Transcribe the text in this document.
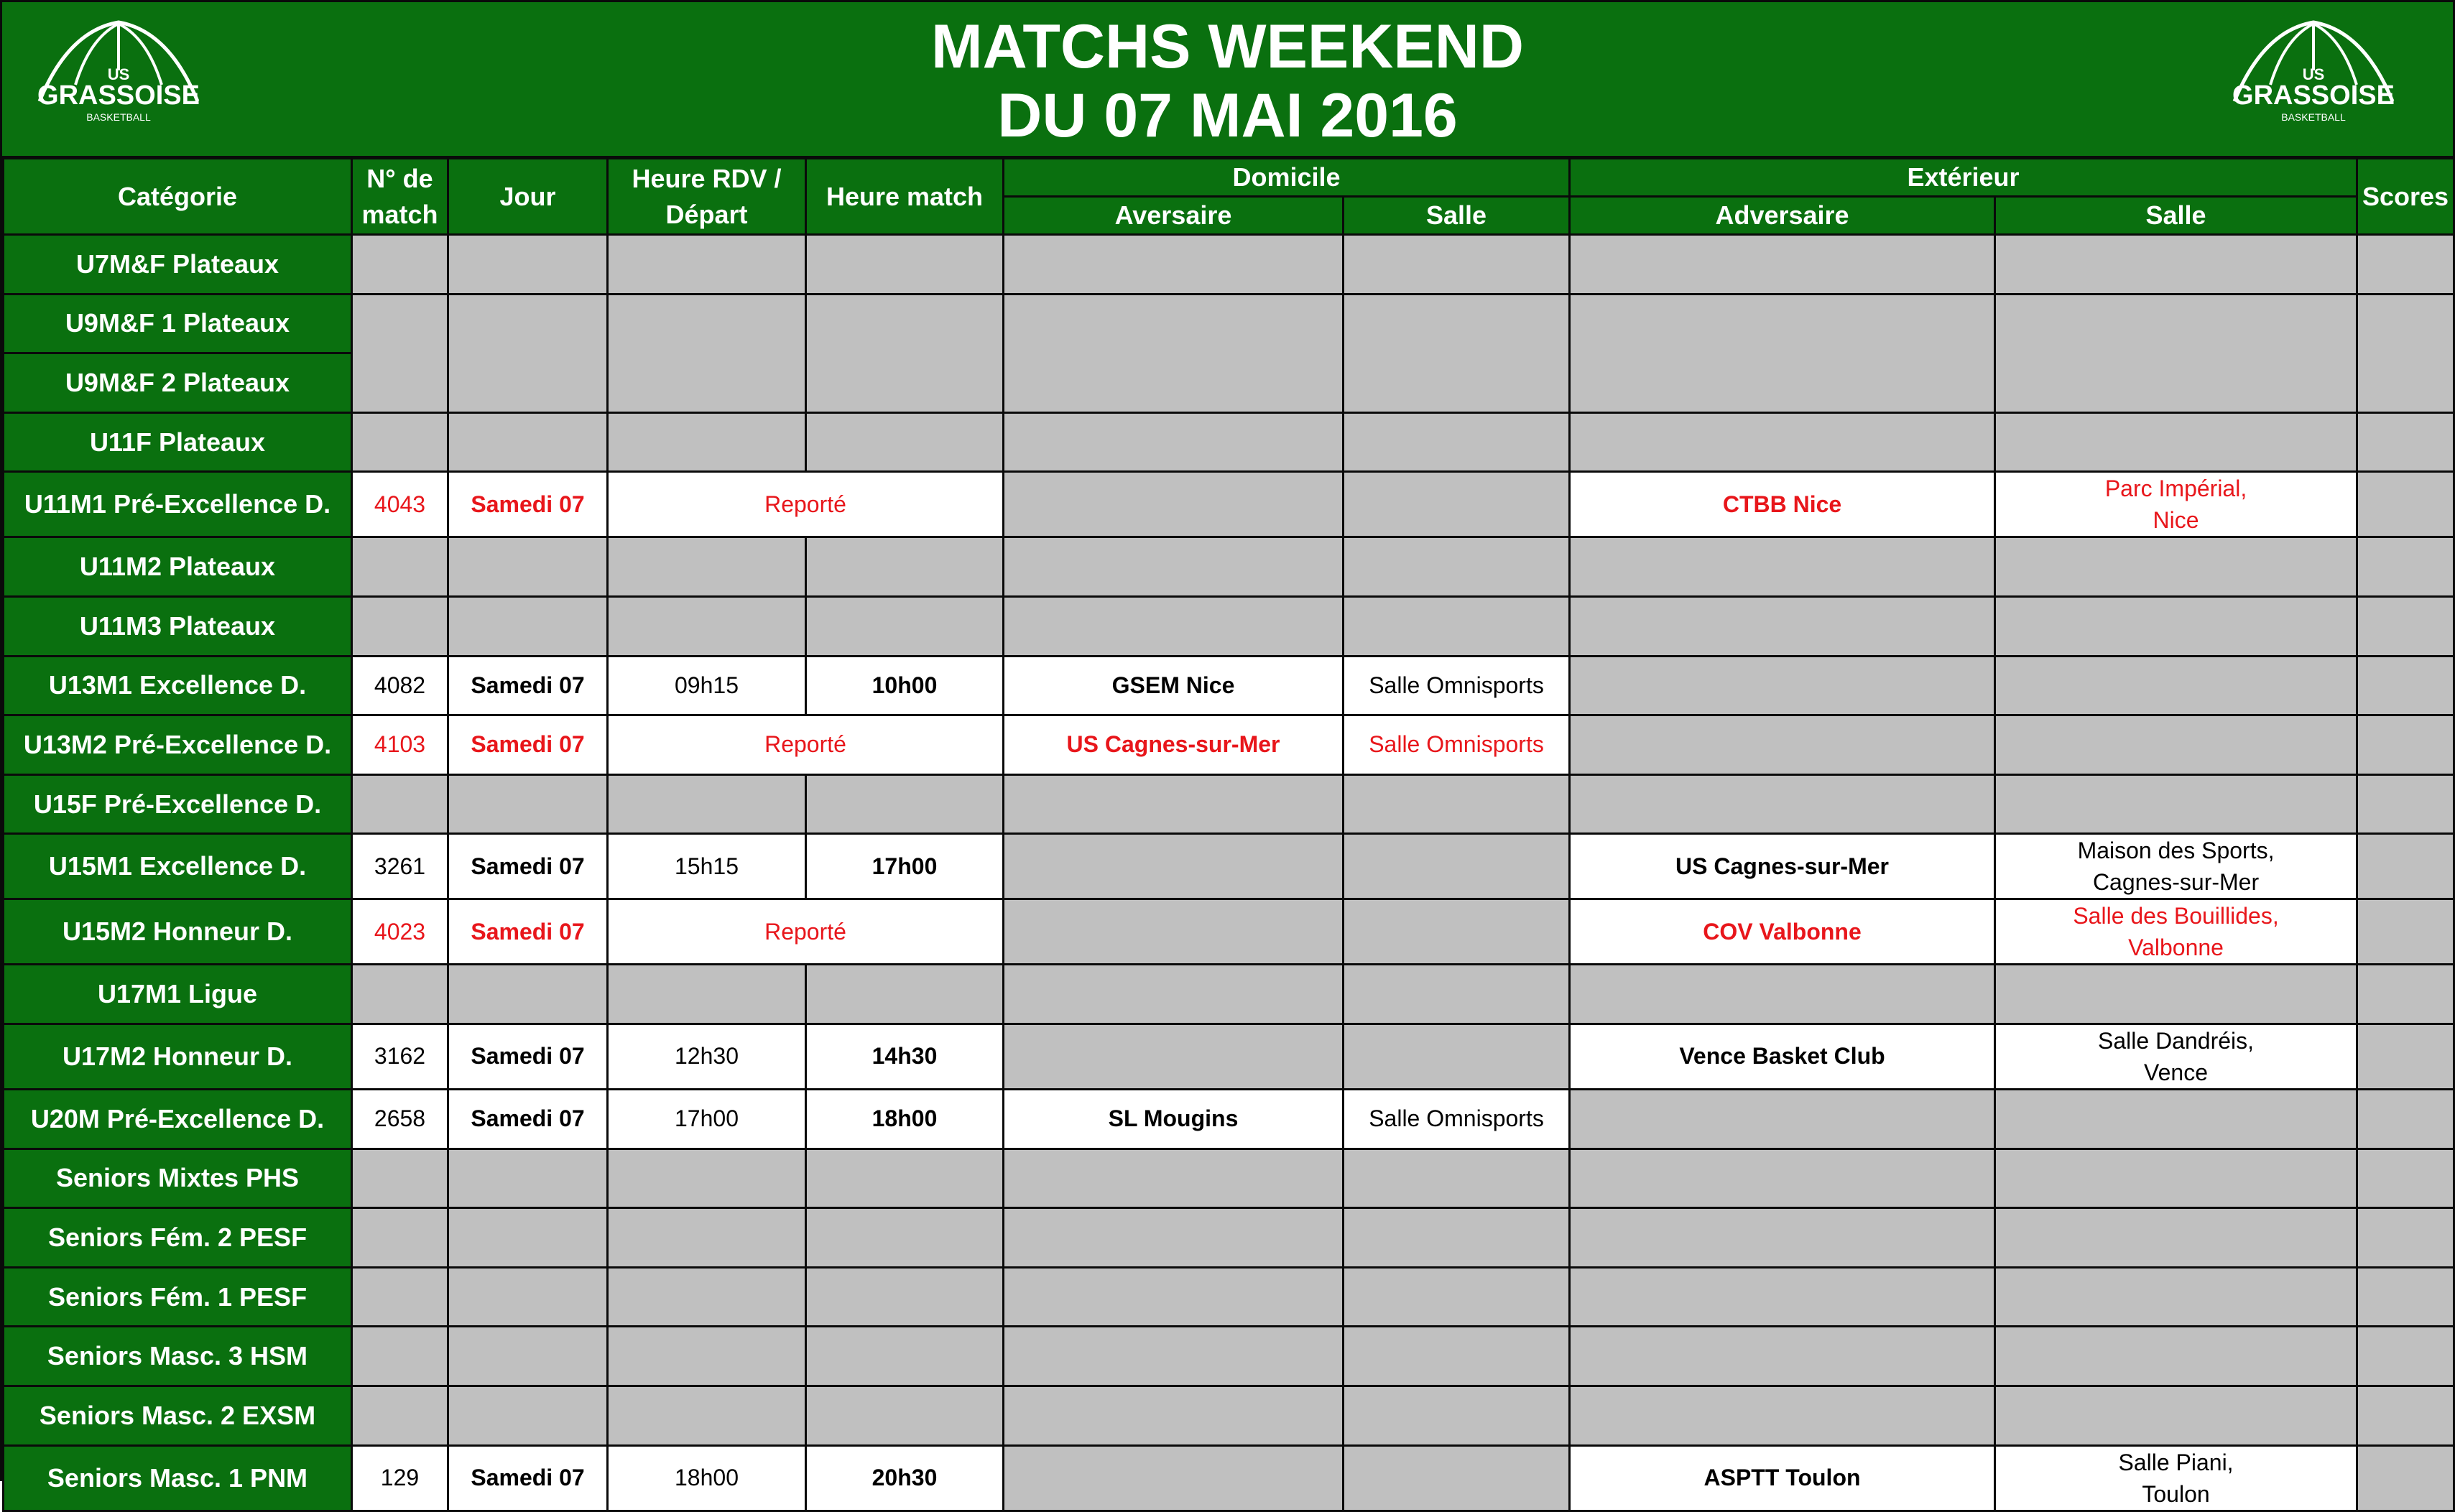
US
GRASSOISE
BASKETBALL
MATCHS WEEKEND
DU 07 MAI 2016
US
GRASSOISE
BASKETBALL
Catégorie	N° de match	Jour	Heure RDV / Départ	Heure match	Domicile		Extérieur		Scores
					Aversaire	Salle	Adversaire	Salle	
U7M&F Plateaux									
U9M&F 1 Plateaux									
U9M&F 2 Plateaux									
U11F Plateaux									
U11M1 Pré-Excellence D.	4043	Samedi 07	Reporté				CTBB Nice	Parc Impérial,
Nice	
U11M2 Plateaux									
U11M3 Plateaux									
U13M1 Excellence D.	4082	Samedi 07	09h15	10h00	GSEM Nice	Salle Omnisports			
U13M2 Pré-Excellence D.	4103	Samedi 07	Reporté		US Cagnes-sur-Mer	Salle Omnisports			
U15F Pré-Excellence D.									
U15M1 Excellence D.	3261	Samedi 07	15h15	17h00			US Cagnes-sur-Mer	Maison des Sports,
Cagnes-sur-Mer	
U15M2 Honneur D.	4023	Samedi 07	Reporté				COV Valbonne	Salle des Bouillides,
Valbonne	
U17M1 Ligue									
U17M2 Honneur D.	3162	Samedi 07	12h30	14h30			Vence Basket Club	Salle Dandréis,
Vence	
U20M Pré-Excellence D.	2658	Samedi 07	17h00	18h00	SL Mougins	Salle Omnisports			
Seniors Mixtes PHS									
Seniors Fém. 2 PESF									
Seniors Fém. 1 PESF									
Seniors Masc. 3 HSM									
Seniors Masc. 2 EXSM									
Seniors Masc. 1 PNM	129	Samedi 07	18h00	20h30			ASPTT Toulon	Salle Piani,
Toulon	
